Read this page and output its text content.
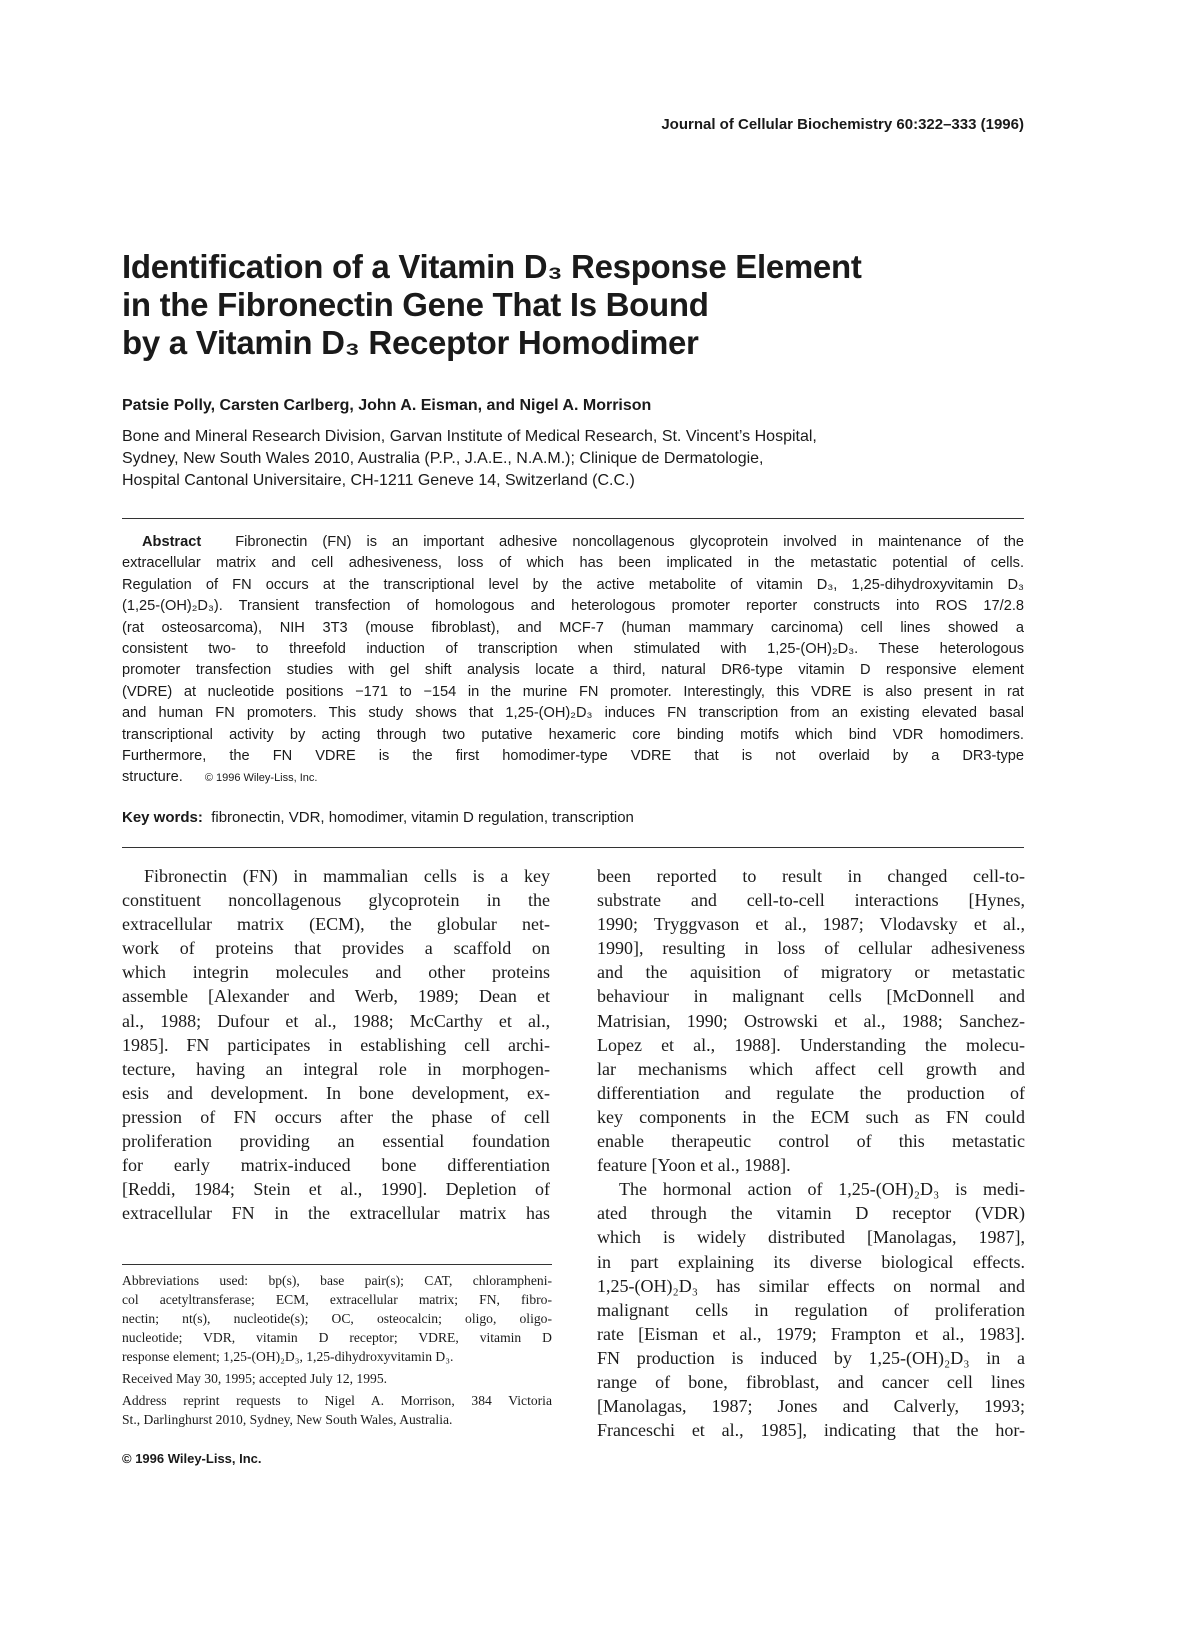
Journal of Cellular Biochemistry 60:322–333 (1996)
Identification of a Vitamin D₃ Response Element
in the Fibronectin Gene That Is Bound
by a Vitamin D₃ Receptor Homodimer
Patsie Polly, Carsten Carlberg, John A. Eisman, and Nigel A. Morrison
Bone and Mineral Research Division, Garvan Institute of Medical Research, St. Vincent’s Hospital,
Sydney, New South Wales 2010, Australia (P.P., J.A.E., N.A.M.); Clinique de Dermatologie,
Hospital Cantonal Universitaire, CH-1211 Geneve 14, Switzerland (C.C.)
Abstract Fibronectin (FN) is an important adhesive noncollagenous glycoprotein involved in maintenance of the
extracellular matrix and cell adhesiveness, loss of which has been implicated in the metastatic potential of cells.
Regulation of FN occurs at the transcriptional level by the active metabolite of vitamin D₃, 1,25-dihydroxyvitamin D₃
(1,25-(OH)₂D₃). Transient transfection of homologous and heterologous promoter reporter constructs into ROS 17/2.8
(rat osteosarcoma), NIH 3T3 (mouse fibroblast), and MCF-7 (human mammary carcinoma) cell lines showed a
consistent two- to threefold induction of transcription when stimulated with 1,25-(OH)₂D₃. These heterologous
promoter transfection studies with gel shift analysis locate a third, natural DR6-type vitamin D responsive element
(VDRE) at nucleotide positions −171 to −154 in the murine FN promoter. Interestingly, this VDRE is also present in rat
and human FN promoters. This study shows that 1,25-(OH)₂D₃ induces FN transcription from an existing elevated basal
transcriptional activity by acting through two putative hexameric core binding motifs which bind VDR homodimers.
Furthermore, the FN VDRE is the first homodimer-type VDRE that is not overlaid by a DR3-type
structure. © 1996 Wiley-Liss, Inc.
Key words: fibronectin, VDR, homodimer, vitamin D regulation, transcription
Fibronectin (FN) in mammalian cells is a key
constituent noncollagenous glycoprotein in the
extracellular matrix (ECM), the globular net-
work of proteins that provides a scaffold on
which integrin molecules and other proteins
assemble [Alexander and Werb, 1989; Dean et
al., 1988; Dufour et al., 1988; McCarthy et al.,
1985]. FN participates in establishing cell archi-
tecture, having an integral role in morphogen-
esis and development. In bone development, ex-
pression of FN occurs after the phase of cell
proliferation providing an essential foundation
for early matrix-induced bone differentiation
[Reddi, 1984; Stein et al., 1990]. Depletion of
extracellular FN in the extracellular matrix has
been reported to result in changed cell-to-
substrate and cell-to-cell interactions [Hynes,
1990; Tryggvason et al., 1987; Vlodavsky et al.,
1990], resulting in loss of cellular adhesiveness
and the aquisition of migratory or metastatic
behaviour in malignant cells [McDonnell and
Matrisian, 1990; Ostrowski et al., 1988; Sanchez-
Lopez et al., 1988]. Understanding the molecu-
lar mechanisms which affect cell growth and
differentiation and regulate the production of
key components in the ECM such as FN could
enable therapeutic control of this metastatic
feature [Yoon et al., 1988].
The hormonal action of 1,25-(OH)₂D₃ is medi-
ated through the vitamin D receptor (VDR)
which is widely distributed [Manolagas, 1987],
in part explaining its diverse biological effects.
1,25-(OH)₂D₃ has similar effects on normal and
malignant cells in regulation of proliferation
rate [Eisman et al., 1979; Frampton et al., 1983].
FN production is induced by 1,25-(OH)₂D₃ in a
range of bone, fibroblast, and cancer cell lines
[Manolagas, 1987; Jones and Calverly, 1993;
Franceschi et al., 1985], indicating that the hor-
Abbreviations used: bp(s), base pair(s); CAT, chlorampheni-
col acetyltransferase; ECM, extracellular matrix; FN, fibro-
nectin; nt(s), nucleotide(s); OC, osteocalcin; oligo, oligo-
nucleotide; VDR, vitamin D receptor; VDRE, vitamin D
response element; 1,25-(OH)₂D₃, 1,25-dihydroxyvitamin D₃.
Received May 30, 1995; accepted July 12, 1995.
Address reprint requests to Nigel A. Morrison, 384 Victoria
St., Darlinghurst 2010, Sydney, New South Wales, Australia.
© 1996 Wiley-Liss, Inc.
